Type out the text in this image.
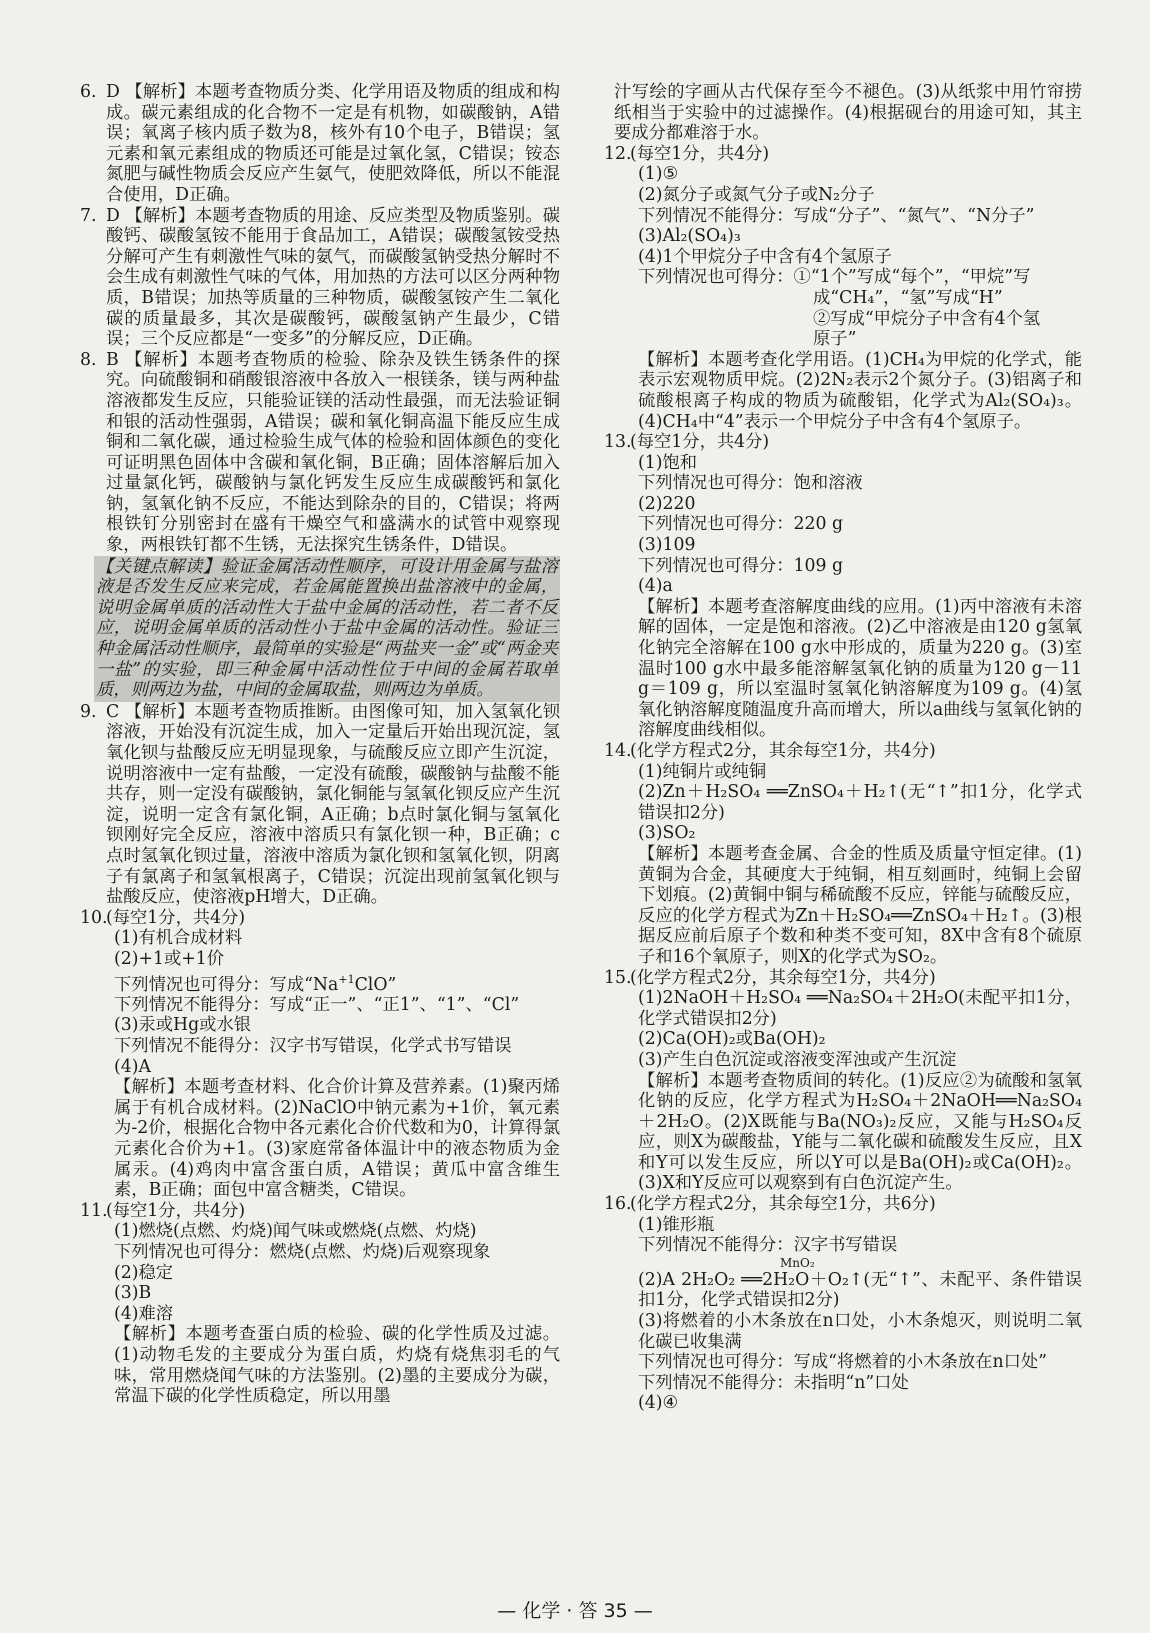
6. D 【解析】本题考查物质分类、化学用语及物质的组成和构成。碳元素组成的化合物不一定是有机物，如碳酸钠，A错误；氧离子核内质子数为8，核外有10个电子，B错误；氢元素和氧元素组成的物质还可能是过氧化氢，C错误；铵态氮肥与碱性物质会反应产生氨气，使肥效降低，所以不能混合使用，D正确。
7. D 【解析】本题考查物质的用途、反应类型及物质鉴别。碳酸钙、碳酸氢铵不能用于食品加工，A错误；碳酸氢铵受热分解可产生有刺激性气味的氨气，而碳酸氢钠受热分解时不会生成有刺激性气味的气体，用加热的方法可以区分两种物质，B错误；加热等质量的三种物质，碳酸氢铵产生二氧化碳的质量最多，其次是碳酸钙，碳酸氢钠产生最少，C错误；三个反应都是“一变多”的分解反应，D正确。
8. B 【解析】本题考查物质的检验、除杂及铁生锈条件的探究。向硫酸铜和硝酸银溶液中各放入一根镁条，镁与两种盐溶液都发生反应，只能验证镁的活动性最强，而无法验证铜和银的活动性强弱，A错误；碳和氧化铜高温下能反应生成铜和二氧化碳，通过检验生成气体的检验和固体颜色的变化可证明黑色固体中含碳和氧化铜，B正确；固体溶解后加入过量氯化钙，碳酸钠与氯化钙发生反应生成碳酸钙和氯化钠，氢氧化钠不反应，不能达到除杂的目的，C错误；将两根铁钉分别密封在盛有干燥空气和盛满水的试管中观察现象，两根铁钉都不生锈，无法探究生锈条件，D错误。
【关键点解读】验证金属活动性顺序，可设计用金属与盐溶液是否发生反应来完成，若金属能置换出盐溶液中的金属，说明金属单质的活动性大于盐中金属的活动性，若二者不反应，说明金属单质的活动性小于盐中金属的活动性。验证三种金属活动性顺序，最简单的实验是“两盐夹一金”或“两金夹一盐”的实验，即三种金属中活动性位于中间的金属若取单质，则两边为盐，中间的金属取盐，则两边为单质。
9. C 【解析】本题考查物质推断。由图像可知，加入氢氧化钡溶液，开始没有沉淀生成，加入一定量后开始出现沉淀，氢氧化钡与盐酸反应无明显现象，与硫酸反应立即产生沉淀，说明溶液中一定有盐酸，一定没有硫酸，碳酸钠与盐酸不能共存，则一定没有碳酸钠，氯化铜能与氢氧化钡反应产生沉淀，说明一定含有氯化铜，A正确；b点时氯化铜与氢氧化钡刚好完全反应，溶液中溶质只有氯化钡一种，B正确；c点时氢氧化钡过量，溶液中溶质为氯化钡和氢氧化钡，阴离子有氯离子和氢氧根离子，C错误；沉淀出现前氢氧化钡与盐酸反应，使溶液pH增大，D正确。
10.
(每空1分，共4分)
(1)有机合成材料
(2)+1或+1价
下列情况也可得分：写成“$Na^{+1}ClO$”
下列情况不能得分：写成“正一”、“正1”、“1”、“Cl”
(3)汞或Hg或水银
下列情况不能得分：汉字书写错误，化学式书写错误
(4)A
【解析】本题考查材料、化合价计算及营养素。(1)聚丙烯属于有机合成材料。(2)NaClO中钠元素为+1价，氧元素为-2价，根据化合物中各元素化合价代数和为0，计算得氯元素化合价为+1。(3)家庭常备体温计中的液态物质为金属汞。(4)鸡肉中富含蛋白质，A错误；黄瓜中富含维生素，B正确；面包中富含糖类，C错误。
11.
(每空1分，共4分)
(1)燃烧(点燃、灼烧)闻气味或燃烧(点燃、灼烧)
下列情况也可得分：燃烧(点燃、灼烧)后观察现象
(2)稳定
(3)B
(4)难溶
【解析】本题考查蛋白质的检验、碳的化学性质及过滤。(1)动物毛发的主要成分为蛋白质，灼烧有烧焦羽毛的气味，常用燃烧闻气味的方法鉴别。(2)墨的主要成分为碳，常温下碳的化学性质稳定，所以用墨
汁写绘的字画从古代保存至今不褪色。(3)从纸浆中用竹帘捞纸相当于实验中的过滤操作。(4)根据砚台的用途可知，其主要成分都难溶于水。
12.
(每空1分，共4分)
(1)⑤
(2)氮分子或氮气分子或N₂分子
下列情况不能得分：写成“分子”、“氮气”、“N分子”
(3)Al₂(SO₄)₃
(4)1个甲烷分子中含有4个氢原子
下列情况也可得分：①“1个”写成“每个”，“甲烷”写
成“CH₄”，“氢”写成“H”
②写成“甲烷分子中含有4个氢
原子”
【解析】本题考查化学用语。(1)CH₄为甲烷的化学式，能表示宏观物质甲烷。(2)2N₂表示2个氮分子。(3)铝离子和硫酸根离子构成的物质为硫酸铝，化学式为Al₂(SO₄)₃。(4)CH₄中“4”表示一个甲烷分子中含有4个氢原子。
13.
(每空1分，共4分)
(1)饱和
下列情况也可得分：饱和溶液
(2)220
下列情况也可得分：220 g
(3)109
下列情况也可得分：109 g
(4)a
【解析】本题考查溶解度曲线的应用。(1)丙中溶液有未溶解的固体，一定是饱和溶液。(2)乙中溶液是由120 g氢氧化钠完全溶解在100 g水中形成的，质量为220 g。(3)室温时100 g水中最多能溶解氢氧化钠的质量为120 g－11 g＝109 g，所以室温时氢氧化钠溶解度为109 g。(4)氢氧化钠溶解度随温度升高而增大，所以a曲线与氢氧化钠的溶解度曲线相似。
14.
(化学方程式2分，其余每空1分，共4分)
(1)纯铜片或纯铜
(2)Zn＋H₂SO₄ ══ZnSO₄＋H₂↑(无“↑”扣1分，化学式错误扣2分)
(3)SO₂
【解析】本题考查金属、合金的性质及质量守恒定律。(1)黄铜为合金，其硬度大于纯铜，相互刻画时，纯铜上会留下划痕。(2)黄铜中铜与稀硫酸不反应，锌能与硫酸反应，反应的化学方程式为Zn＋H₂SO₄══ZnSO₄＋H₂↑。(3)根据反应前后原子个数和种类不变可知，8X中含有8个硫原子和16个氧原子，则X的化学式为SO₂。
15.
(化学方程式2分，其余每空1分，共4分)
(1)2NaOH＋H₂SO₄ ══Na₂SO₄＋2H₂O(未配平扣1分，化学式错误扣2分)
(2)Ca(OH)₂或Ba(OH)₂
(3)产生白色沉淀或溶液变浑浊或产生沉淀
【解析】本题考查物质间的转化。(1)反应②为硫酸和氢氧化钠的反应，化学方程式为H₂SO₄＋2NaOH══Na₂SO₄＋2H₂O。(2)X既能与Ba(NO₃)₂反应，又能与H₂SO₄反应，则X为碳酸盐，Y能与二氧化碳和硫酸发生反应，且X和Y可以发生反应，所以Y可以是Ba(OH)₂或Ca(OH)₂。(3)X和Y反应可以观察到有白色沉淀产生。
16.
(化学方程式2分，其余每空1分，共6分)
(1)锥形瓶
下列情况不能得分：汉字书写错误
MnO₂
(2)A 2H₂O₂ ══2H₂O＋O₂↑(无“↑”、未配平、条件错误扣1分，化学式错误扣2分)
(3)将燃着的小木条放在n口处，小木条熄灭，则说明二氧化碳已收集满
下列情况也可得分：写成“将燃着的小木条放在n口处”
下列情况不能得分：未指明“n”口处
(4)④
— 化学 · 答 35 —
